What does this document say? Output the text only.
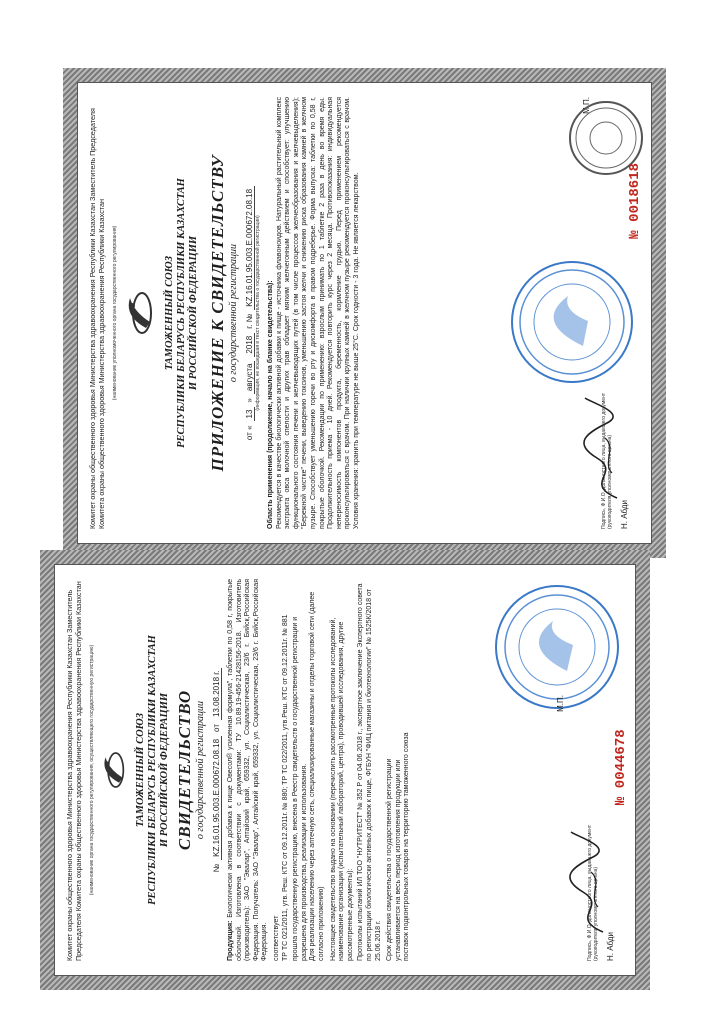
Комитет охраны общественного здоровья Министерства здравоохранения Республики Казахстан Заместитель Председателя Комитета охраны общественного здоровья Министерства здравоохранения Республики Казахстан (наименование уполномоченного органа государственного регулирования)	ТАМОЖЕННЫЙ СОЮЗ РЕСПУБЛИКИ БЕЛАРУСЬ РЕСПУБЛИКИ КАЗАХСТАН И РОССИЙСКОЙ ФЕДЕРАЦИИ ПРИЛОЖЕНИЕ К СВИДЕТЕЛЬСТВУ о государственной регистрации
от «
13
»
августа
2018
г. №
KZ.16.01.95.003.E.000672.08.18 (информация, не вошедшая в текст свидетельства о государственной регистрации) Область применения (продолжение, начало на бланке свидетельства): Рекомендуется в качестве биологически активной добавки к пище - источника флавоноидов. Натуральный растительный комплекс экстракта овса молочной спелости и других трав обладает мягким желчегонным действием и способствует: улучшению функционального состояния печени и желчевыводящих путей (в том числе процессов желчеобразования и желчевыделения); "Бережной чистке" печени, выведению токсинов, уменьшению застоя желчи и снижению риска образования камней в желчном пузыре. Способствует уменьшению горечи во рту и дискомфорта в правом подреберье. Форма выпуска: таблетки по 0,58 г, покрытые оболочкой. Рекомендации по применению: взрослым принимать по 1 таблетке 2 раза в день во время еды. Продолжительность приема - 10 дней. Рекомендуется повторить курс через 2 месяца. Противопоказания: индивидуальная непереносимость компонентов продукта, беременность, кормление грудью. Перед применением рекомендуется проконсультироваться с врачом. При наличии крупных камней в желчном пузыре рекомендуется проконсультироваться с врачом. Условия хранения: хранить при температуре не выше 25°С. Срок годности - 3 года. Не является лекарством.	Подпись, Ф.И.О. должностного лица, выдавшего документ (руководителя уполномоченного органа) Н. Абди
М.П.
№ 0018618
Комитет охраны общественного здоровья Министерства здравоохранения Республики Казахстан Заместитель Председателя Комитета охраны общественного здоровья Министерства здравоохранения Республики Казахстан (наименование органа государственного регулирования, осуществляющего государственную регистрацию)	ТАМОЖЕННЫЙ СОЮЗ РЕСПУБЛИКИ БЕЛАРУСЬ РЕСПУБЛИКИ КАЗАХСТАН И РОССИЙСКОЙ ФЕДЕРАЦИИ СВИДЕТЕЛЬСТВО о государственной регистрации
№
KZ.16.01.95.003.E.000672.08.18
от
13.08.2018 г.
Продукция: Биологически активная добавка к пище Овесол® усиленная формула", таблетки по 0,58 г, покрытые оболочкой. Изготовлена в соответствии с документами: ТУ 10.89.19-456-21428156-2018. Изготовитель (производитель): ЗАО "Эвалар", Алтайский край, 659332, ул. Социалистическая, 23/6 г. Бийск,Российская Федерация. Получатель: ЗАО "Эвалар", Алтайский край, 659332, ул. Социалистическая, 23/6 г. Бийск,Российская Федерация. соответствует ТР ТС 021/2011, утв. Реш. КТС от 09.12.2011г. № 880; ТР ТС 022/2011, утв.Реш. КТС от 09.12.2011г. № 881 прошла государственную регистрацию, внесена в Реестр свидетельств о государственной регистрации и разрешена для производства, реализации и использования. Для реализации населению через аптечную сеть, специализированные магазины и отделы торговой сети (далее согласно приложению) Настоящее свидетельство выдано на основании (перечислить рассмотренные протоколы исследований, наименование организации (испытательный лабораторий, центра), проводившей исследования, другие рассмотренные документы): Протоколы испытаний ИЛ ТОО "НУТРИТЕСТ" № 352 Р от 04.06.2018 г., экспертное заключение Экспертного совета по регистрации биологически активных добавок к пище, ФГБУН "ФИЦ питания и биотехнологии" № 1525К/2018 от 25.06.2018 г. Срок действия свидетельства о государственной регистрации устанавливается на весь период изготовления продукции или поставок подконтрольных товаров на территорию таможенного союза	Подпись, Ф.И.О. должностного лица, выдавшего документ (руководителя уполномоченного органа) Н. Абди
М.П.
№ 0044678
